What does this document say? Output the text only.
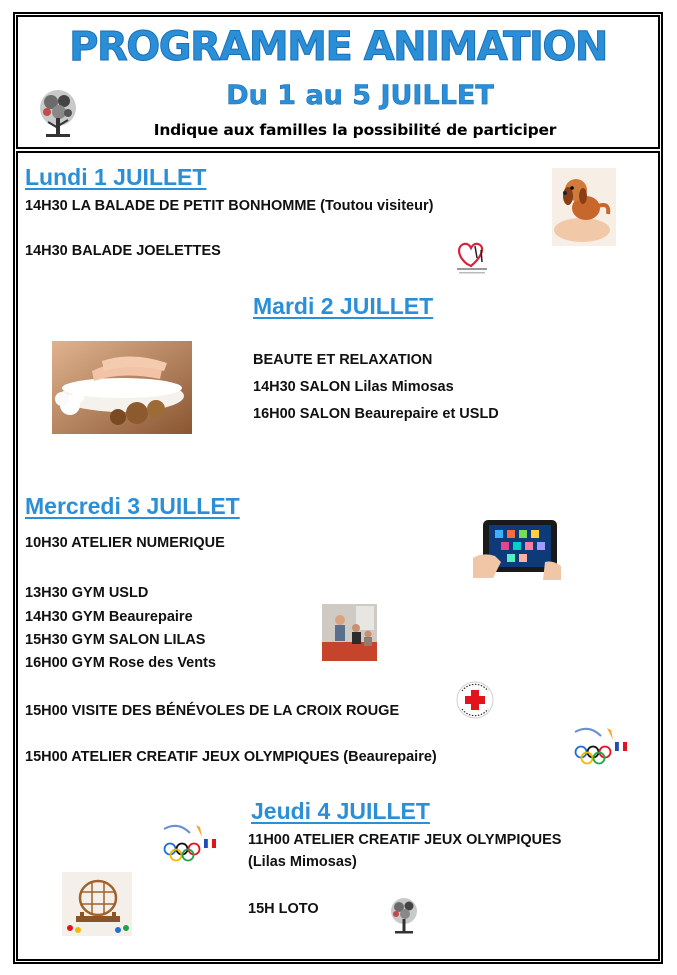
PROGRAMME ANIMATION
Du 1 au 5 JUILLET
Indique aux familles la possibilité de participer
Lundi 1 JUILLET
14H30 LA BALADE DE PETIT BONHOMME (Toutou visiteur)
14H30 BALADE JOELETTES
Mardi 2 JUILLET
BEAUTE ET RELAXATION
14H30 SALON Lilas Mimosas
16H00 SALON Beaurepaire et USLD
Mercredi 3 JUILLET
10H30 ATELIER NUMERIQUE
13H30 GYM USLD
14H30 GYM Beaurepaire
15H30 GYM SALON LILAS
16H00 GYM Rose des Vents
15H00 VISITE DES BÉNÉVOLES DE LA CROIX ROUGE
15H00 ATELIER CREATIF JEUX OLYMPIQUES (Beaurepaire)
Jeudi 4 JUILLET
11H00 ATELIER CREATIF JEUX OLYMPIQUES
(Lilas Mimosas)
15H LOTO
